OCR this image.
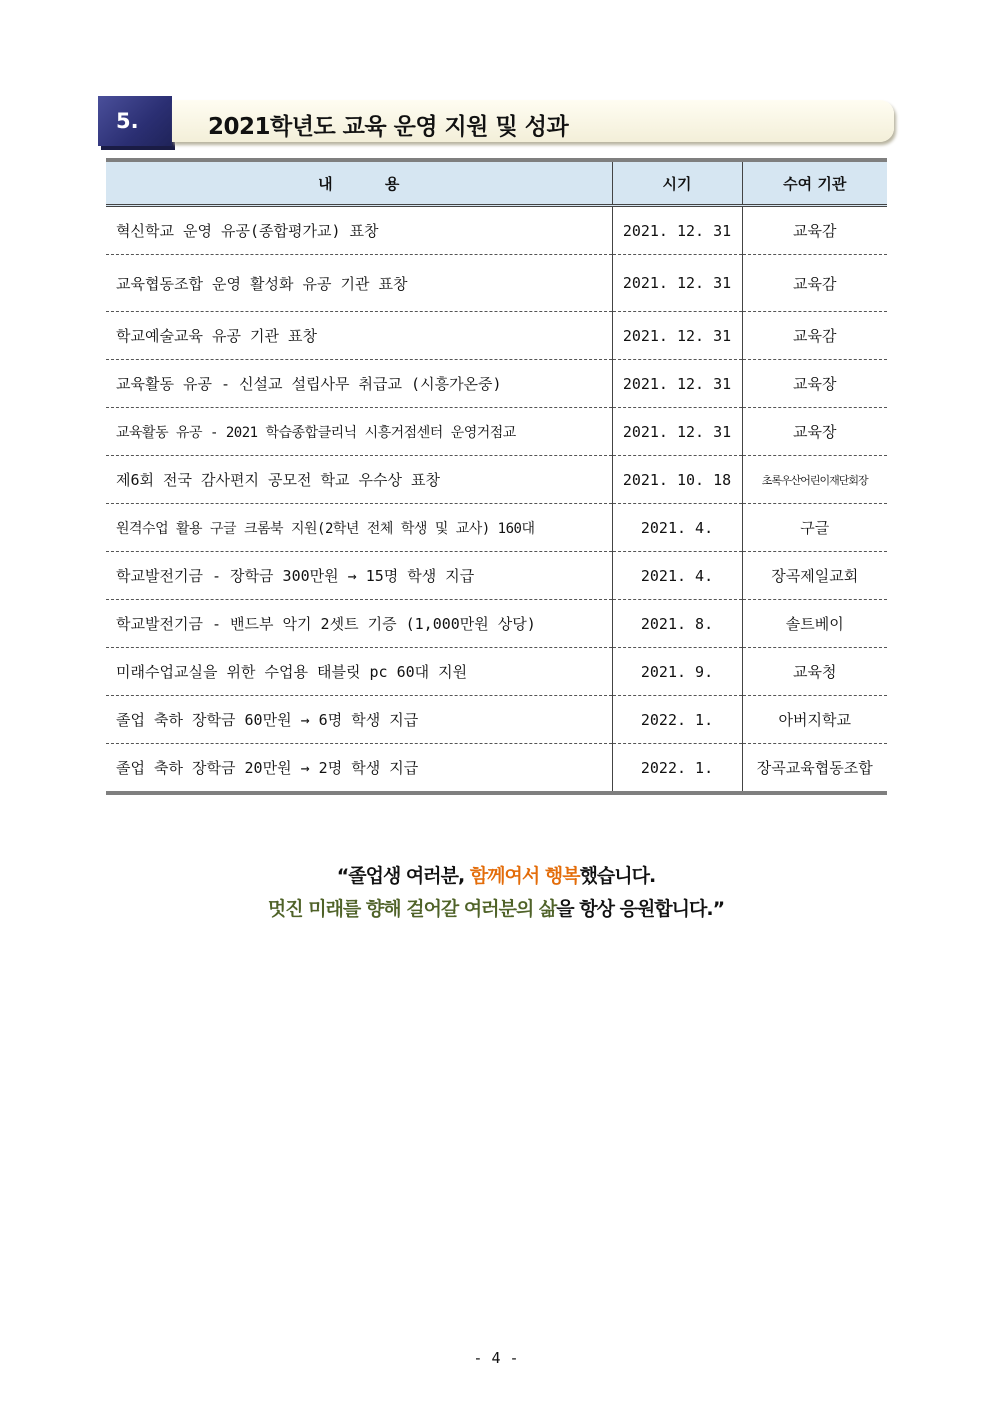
5.	2021학년도 교육 운영 지원 및 성과
내          용	시기	수여 기관
혁신학교 운영 유공(종합평가교) 표창	2021. 12. 31	교육감
교육협동조합 운영 활성화 유공 기관 표창	2021. 12. 31	교육감
학교예술교육 유공 기관 표창	2021. 12. 31	교육감
교육활동 유공 - 신설교 설립사무 취급교 (시흥가온중)	2021. 12. 31	교육장
교육활동 유공 - 2021 학습종합클리닉 시흥거점센터 운영거점교	2021. 12. 31	교육장
제6회 전국 감사편지 공모전 학교 우수상 표창	2021. 10. 18	초록우산어린이재단회장
원격수업 활용 구글 크롬북 지원(2학년 전체 학생 및 교사) 160대	2021. 4.	구글
학교발전기금 - 장학금 300만원 → 15명 학생 지급	2021. 4.	장곡제일교회
학교발전기금 - 밴드부 악기 2셋트 기증 (1,000만원 상당)	2021. 8.	솔트베이
미래수업교실을 위한 수업용 태블릿 pc 60대 지원	2021. 9.	교육청
졸업 축하 장학금 60만원 → 6명 학생 지급	2022. 1.	아버지학교
졸업 축하 장학금 20만원 → 2명 학생 지급	2022. 1.	장곡교육협동조합
“졸업생 여러분, 함께여서 행복했습니다.
멋진 미래를 향해 걸어갈 여러분의 삶을 항상 응원합니다.”
- 4 -
